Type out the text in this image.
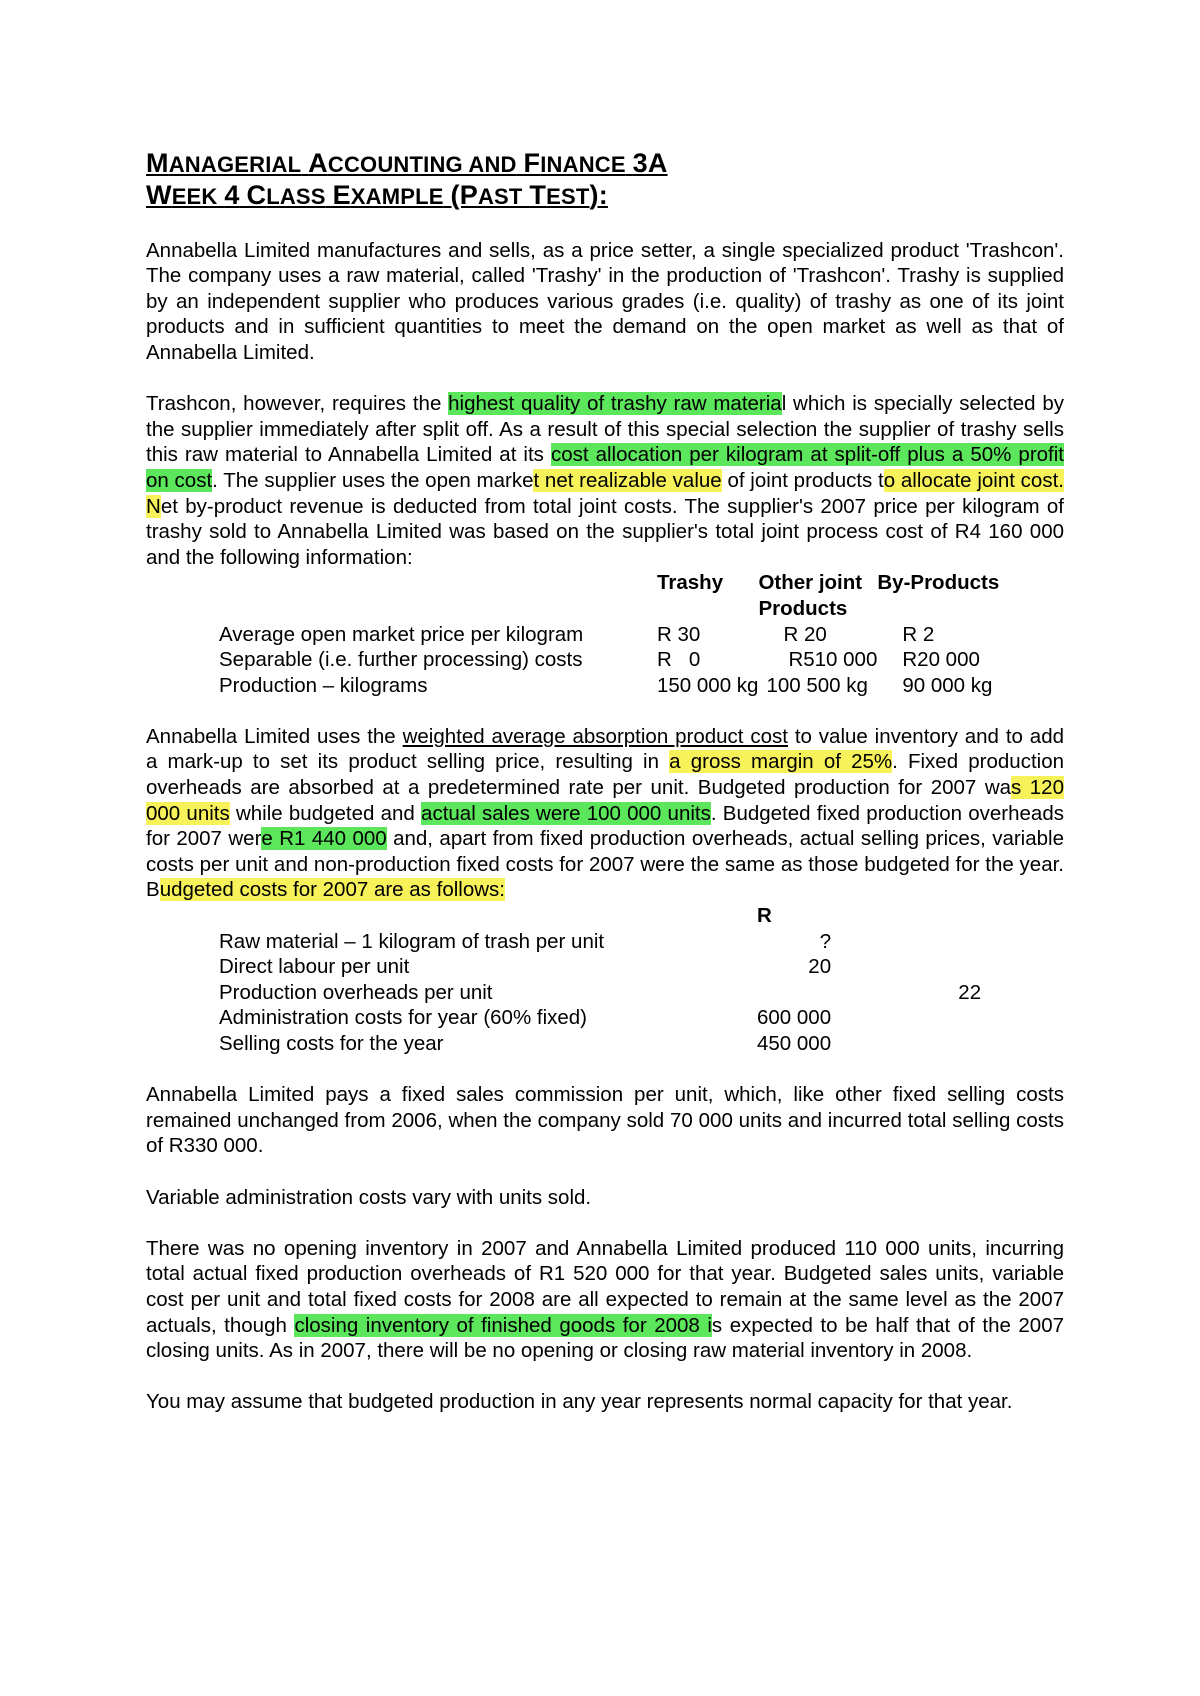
MANAGERIAL ACCOUNTING AND FINANCE 3A
WEEK 4 CLASS EXAMPLE (PAST TEST):

Annabella Limited manufactures and sells, as a price setter, a single specialized product 'Trashcon'. The company uses a raw material, called 'Trashy' in the production of 'Trashcon'. Trashy is supplied by an independent supplier who produces various grades (i.e. quality) of trashy as one of its joint products and in sufficient quantities to meet the demand on the open market as well as that of Annabella Limited.

Trashcon, however, requires the highest quality of trashy raw material which is specially selected by the supplier immediately after split off. As a result of this special selection the supplier of trashy sells this raw material to Annabella Limited at its cost allocation per kilogram at split-off plus a 50% profit on cost. The supplier uses the open market net realizable value of joint products to allocate joint cost. Net by-product revenue is deducted from total joint costs. The supplier's 2007 price per kilogram of trashy sold to Annabella Limited was based on the supplier's total joint process cost of R4 160 000 and the following information:

	Trashy	Other joint	By-Products
		Products	
Average open market price per kilogram	R 30	R 20	R 2
Separable (i.e. further processing) costs	R   0	R510 000	R20 000
Production – kilograms	150 000 kg	100 500 kg	90 000 kg

Annabella Limited uses the weighted average absorption product cost to value inventory and to add a mark-up to set its product selling price, resulting in a gross margin of 25%. Fixed production overheads are absorbed at a predetermined rate per unit. Budgeted production for 2007 was 120 000 units while budgeted and actual sales were 100 000 units. Budgeted fixed production overheads for 2007 were R1 440 000 and, apart from fixed production overheads, actual selling prices, variable costs per unit and non-production fixed costs for 2007 were the same as those budgeted for the year. Budgeted costs for 2007 are as follows:

	R	
Raw material – 1 kilogram of trash per unit	?	
Direct labour per unit	20	
Production overheads per unit		22
Administration costs for year (60% fixed)	600 000	
Selling costs for the year	450 000	

Annabella Limited pays a fixed sales commission per unit, which, like other fixed selling costs remained unchanged from 2006, when the company sold 70 000 units and incurred total selling costs of R330 000.

Variable administration costs vary with units sold.

There was no opening inventory in 2007 and Annabella Limited produced 110 000 units, incurring total actual fixed production overheads of R1 520 000 for that year. Budgeted sales units, variable cost per unit and total fixed costs for 2008 are all expected to remain at the same level as the 2007 actuals, though closing inventory of finished goods for 2008 is expected to be half that of the 2007 closing units. As in 2007, there will be no opening or closing raw material inventory in 2008.

You may assume that budgeted production in any year represents normal capacity for that year.
